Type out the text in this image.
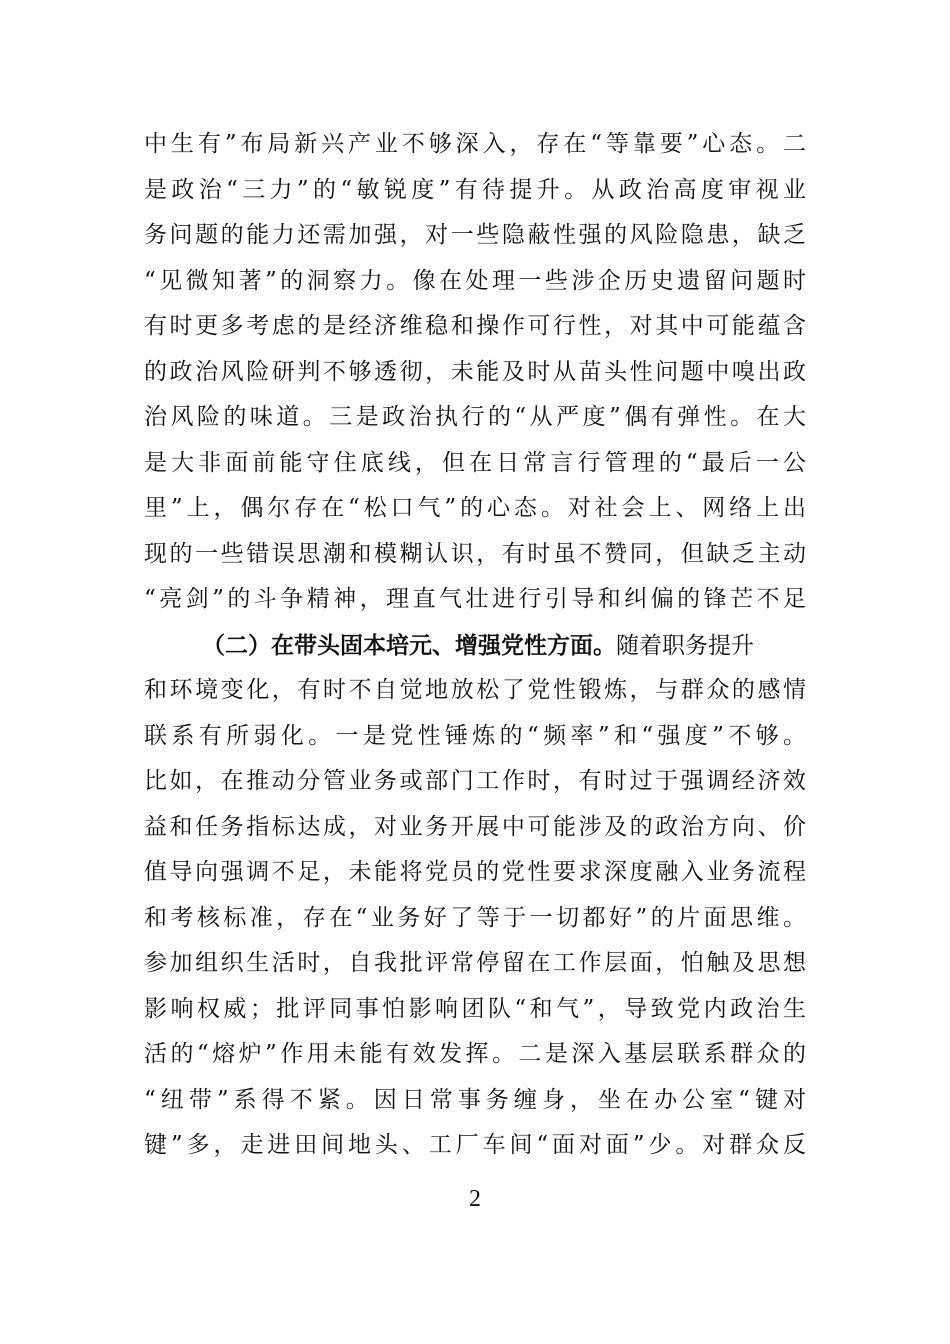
中生有”布局新兴产业不够深入，存在“等靠要”心态。二
是政治“三力”的“敏锐度”有待提升。从政治高度审视业
务问题的能力还需加强，对一些隐蔽性强的风险隐患，缺乏
“见微知著”的洞察力。像在处理一些涉企历史遗留问题时
有时更多考虑的是经济维稳和操作可行性，对其中可能蕴含
的政治风险研判不够透彻，未能及时从苗头性问题中嗅出政
治风险的味道。三是政治执行的“从严度”偶有弹性。在大
是大非面前能守住底线，但在日常言行管理的“最后一公
里”上，偶尔存在“松口气”的心态。对社会上、网络上出
现的一些错误思潮和模糊认识，有时虽不赞同，但缺乏主动
“亮剑”的斗争精神，理直气壮进行引导和纠偏的锋芒不足
（二）在带头固本培元、增强党性方面。随着职务提升
和环境变化，有时不自觉地放松了党性锻炼，与群众的感情
联系有所弱化。一是党性锤炼的“频率”和“强度”不够。
比如，在推动分管业务或部门工作时，有时过于强调经济效
益和任务指标达成，对业务开展中可能涉及的政治方向、价
值导向强调不足，未能将党员的党性要求深度融入业务流程
和考核标准，存在“业务好了等于一切都好”的片面思维。
参加组织生活时，自我批评常停留在工作层面，怕触及思想
影响权威；批评同事怕影响团队“和气”，导致党内政治生
活的“熔炉”作用未能有效发挥。二是深入基层联系群众的
“纽带”系得不紧。因日常事务缠身，坐在办公室“键对
键”多，走进田间地头、工厂车间“面对面”少。对群众反
2
